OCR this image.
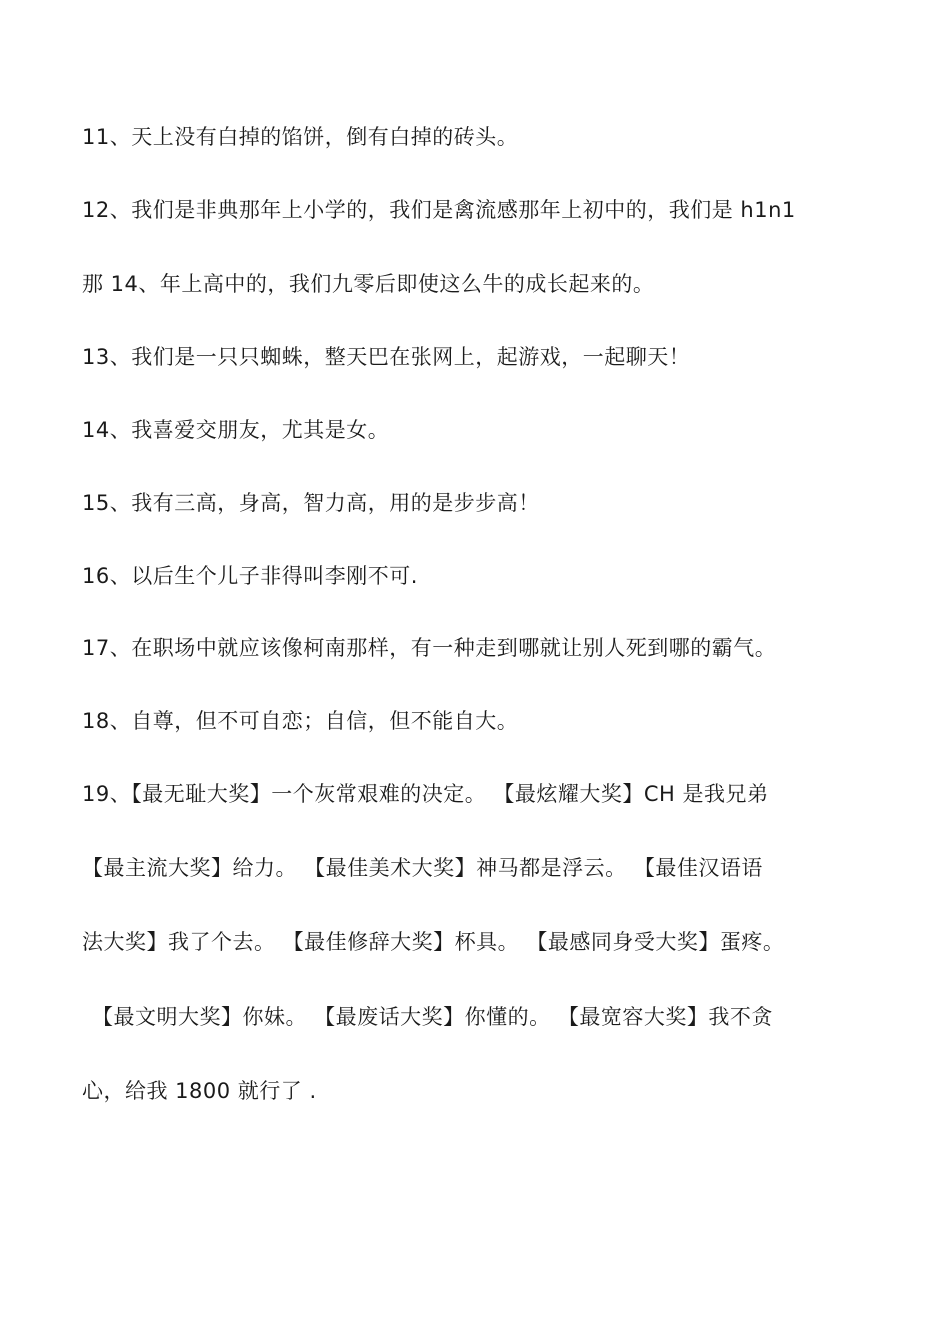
11、天上没有白掉的馅饼，倒有白掉的砖头。
12、我们是非典那年上小学的，我们是禽流感那年上初中的，我们是 h1n1
那 14、年上高中的，我们九零后即使这么牛的成长起来的。
13、我们是一只只蜘蛛，整天巴在张网上，起游戏，一起聊天！
14、我喜爱交朋友，尤其是女。
15、我有三高，身高，智力高，用的是步步高！
16、以后生个儿子非得叫李刚不可.
17、在职场中就应该像柯南那样，有一种走到哪就让别人死到哪的霸气。
18、自尊，但不可自恋；自信，但不能自大。
19、【最无耻大奖】一个灰常艰难的决定。 【最炫耀大奖】CH 是我兄弟
【最主流大奖】给力。 【最佳美术大奖】神马都是浮云。 【最佳汉语语
法大奖】我了个去。 【最佳修辞大奖】杯具。 【最感同身受大奖】蛋疼。
【最文明大奖】你妹。 【最废话大奖】你懂的。 【最宽容大奖】我不贪
心，给我 1800 就行了 .
